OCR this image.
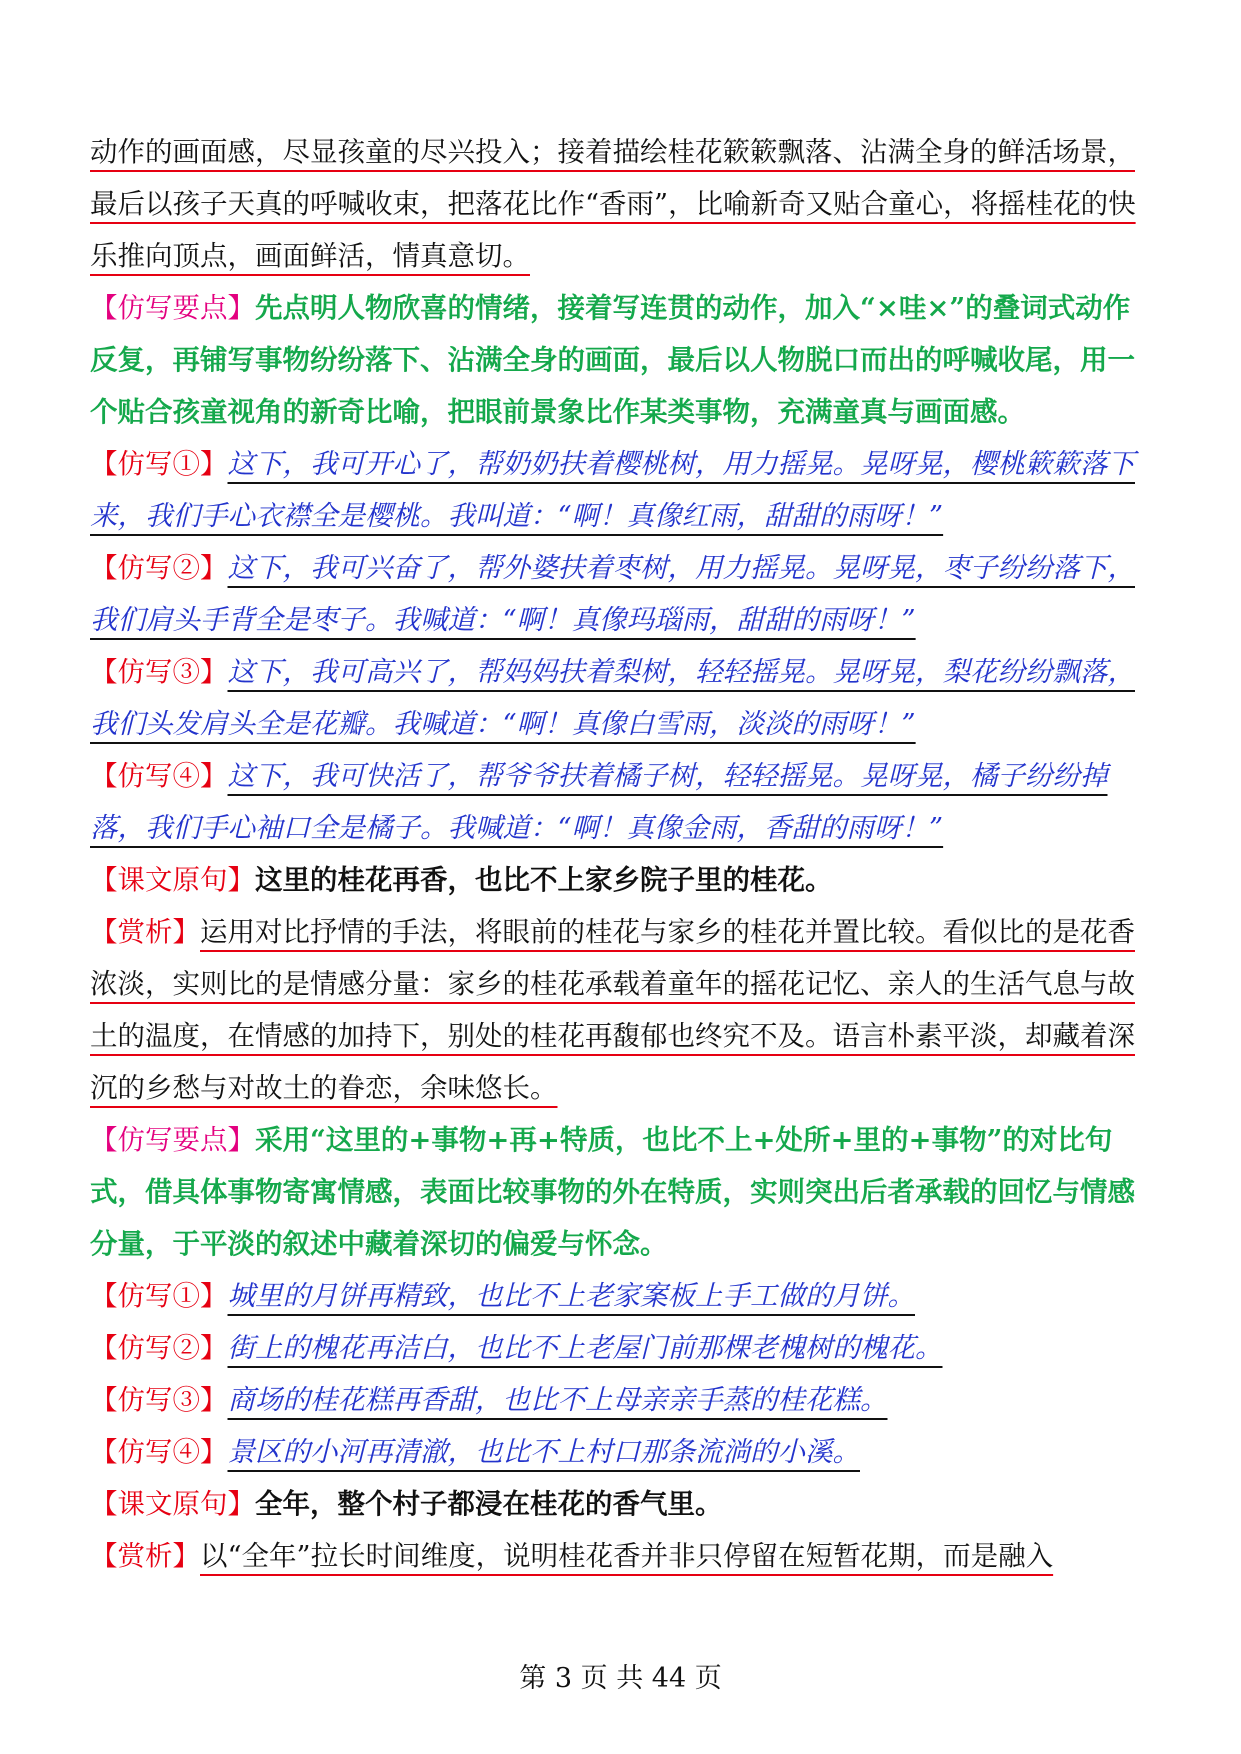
动作的画面感，尽显孩童的尽兴投入；接着描绘桂花簌簌飘落、沾满全身的鲜活场景，最后以孩子天真的呼喊收束，把落花比作“香雨”，比喻新奇又贴合童心，将摇桂花的快乐推向顶点，画面鲜活，情真意切。

【仿写要点】先点明人物欣喜的情绪，接着写连贯的动作，加入“×哇×”的叠词式动作反复，再铺写事物纷纷落下、沾满全身的画面，最后以人物脱口而出的呼喊收尾，用一个贴合孩童视角的新奇比喻，把眼前景象比作某类事物，充满童真与画面感。

【仿写①】这下，我可开心了，帮奶奶扶着樱桃树，用力摇晃。晃呀晃，樱桃簌簌落下来，我们手心衣襟全是樱桃。我叫道：“啊！真像红雨，甜甜的雨呀！”

【仿写②】这下，我可兴奋了，帮外婆扶着枣树，用力摇晃。晃呀晃，枣子纷纷落下，我们肩头手背全是枣子。我喊道：“啊！真像玛瑙雨，甜甜的雨呀！”

【仿写③】这下，我可高兴了，帮妈妈扶着梨树，轻轻摇晃。晃呀晃，梨花纷纷飘落，我们头发肩头全是花瓣。我喊道：“啊！真像白雪雨，淡淡的雨呀！”

【仿写④】这下，我可快活了，帮爷爷扶着橘子树，轻轻摇晃。晃呀晃，橘子纷纷掉落，我们手心袖口全是橘子。我喊道：“啊！真像金雨，香甜的雨呀！”

【课文原句】这里的桂花再香，也比不上家乡院子里的桂花。

【赏析】运用对比抒情的手法，将眼前的桂花与家乡的桂花并置比较。看似比的是花香浓淡，实则比的是情感分量：家乡的桂花承载着童年的摇花记忆、亲人的生活气息与故土的温度，在情感的加持下，别处的桂花再馥郁也终究不及。语言朴素平淡，却藏着深沉的乡愁与对故土的眷恋，余味悠长。

【仿写要点】采用“这里的+事物+再+特质，也比不上+处所+里的+事物”的对比句式，借具体事物寄寓情感，表面比较事物的外在特质，实则突出后者承载的回忆与情感分量，于平淡的叙述中藏着深切的偏爱与怀念。

【仿写①】城里的月饼再精致，也比不上老家案板上手工做的月饼。

【仿写②】街上的槐花再洁白，也比不上老屋门前那棵老槐树的槐花。

【仿写③】商场的桂花糕再香甜，也比不上母亲亲手蒸的桂花糕。

【仿写④】景区的小河再清澈，也比不上村口那条流淌的小溪。

【课文原句】全年，整个村子都浸在桂花的香气里。

【赏析】以“全年”拉长时间维度，说明桂花香并非只停留在短暂花期，而是融入

第 3 页 共 44 页
